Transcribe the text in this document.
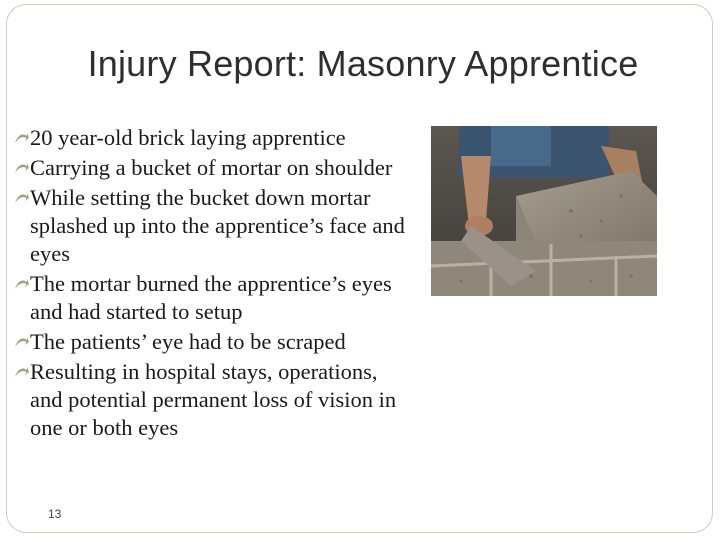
Injury Report: Masonry Apprentice
20 year-old brick laying apprentice
Carrying a bucket of mortar on shoulder
While setting the bucket down mortar splashed up into the apprentice’s face and eyes
The mortar burned the apprentice’s eyes and had started to setup
The patients’ eye had to be scraped
Resulting in hospital stays, operations, and potential permanent loss of vision in one or both eyes
13
